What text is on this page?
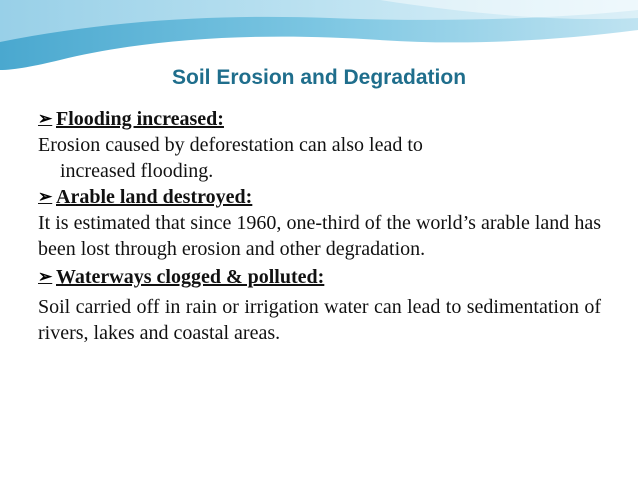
Soil Erosion and Degradation
➢ Flooding increased:
Erosion caused by deforestation can also lead to
increased flooding.
➢ Arable land destroyed:
It is estimated that since 1960, one-third of the world’s arable land has been lost through erosion and other degradation.
➢ Waterways clogged & polluted:
Soil carried off in rain or irrigation water can lead to sedimentation of rivers, lakes and coastal areas.
